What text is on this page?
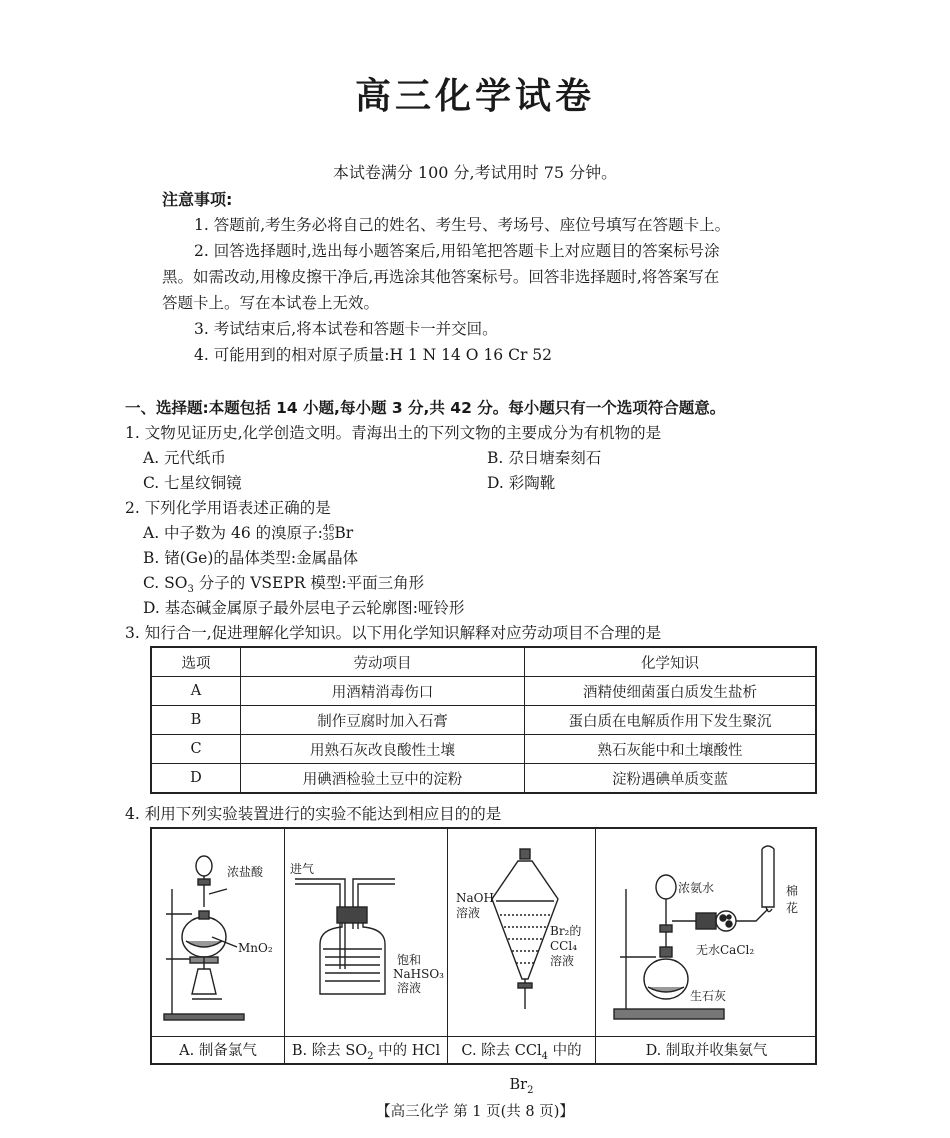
高三化学试卷
本试卷满分 100 分,考试用时 75 分钟。
注意事项:
1. 答题前,考生务必将自己的姓名、考生号、考场号、座位号填写在答题卡上。
2. 回答选择题时,选出每小题答案后,用铅笔把答题卡上对应题目的答案标号涂
黑。如需改动,用橡皮擦干净后,再选涂其他答案标号。回答非选择题时,将答案写在
答题卡上。写在本试卷上无效。
3. 考试结束后,将本试卷和答题卡一并交回。
4. 可能用到的相对原子质量:H 1 N 14 O 16 Cr 52
一、选择题:本题包括 14 小题,每小题 3 分,共 42 分。每小题只有一个选项符合题意。
1. 文物见证历史,化学创造文明。青海出土的下列文物的主要成分为有机物的是
A. 元代纸币	B. 尕日塘秦刻石
C. 七星纹铜镜	D. 彩陶靴
2. 下列化学用语表述正确的是
A. 中子数为 46 的溴原子: 46
35 Br
B. 锗(Ge)的晶体类型:金属晶体
C. $SO_3$ 分子的 VSEPR 模型:平面三角形
D. 基态碱金属原子最外层电子云轮廓图:哑铃形
3. 知行合一,促进理解化学知识。以下用化学知识解释对应劳动项目不合理的是
选项	劳动项目	化学知识
A	用酒精消毒伤口	酒精使细菌蛋白质发生盐析
B	制作豆腐时加入石膏	蛋白质在电解质作用下发生聚沉
C	用熟石灰改良酸性土壤	熟石灰能中和土壤酸性
D	用碘酒检验土豆中的淀粉	淀粉遇碘单质变蓝
4. 利用下列实验装置进行的实验不能达到相应目的的是
浓盐酸
MnO₂
A. 制备氯气
进气
饱和
NaHSO₃
溶液
B. 除去 $SO_2$ 中的 HCl
NaOH
溶液
Br₂的
CCl₄
溶液
C. 除去 CCl$_4$ 中的 $Br_2$
浓氨水	棉
花
无水CaCl₂
生石灰
D. 制取并收集氨气
【高三化学 第 1 页(共 8 页)】
